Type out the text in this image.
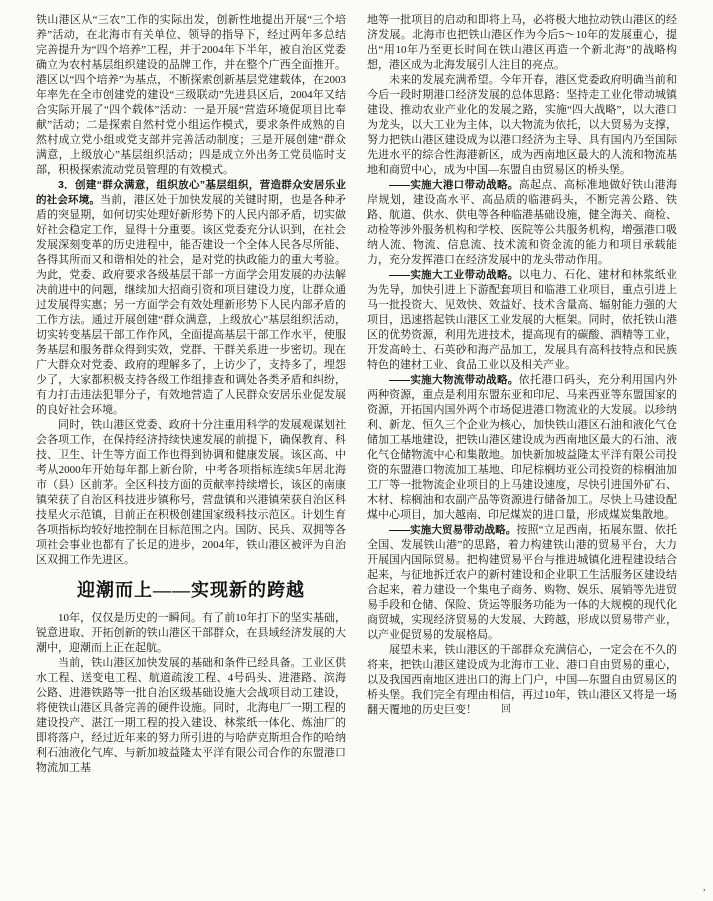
铁山港区从“三农”工作的实际出发，创新性地提出开展“三个培养”活动，在北海市有关单位、领导的指导下，经过两年多总结完善提升为“四个培养”工程，并于2004年下半年，被自治区党委确立为农村基层组织建设的品牌工作，并在整个广西全面推开。港区以“四个培养”为基点，不断探索创新基层党建载体，在2003年率先在全市创建党的建设“三级联动”先进县区后，2004年又结合实际开展了“四个载体”活动：一是开展“营造环境促项目比奉献”活动；二是探索自然村党小组运作模式，要求条件成熟的自然村成立党小组或党支部并完善活动制度；三是开展创建“群众满意，上级放心”基层组织活动；四是成立外出务工党员临时支部，积极探索流动党员管理的有效模式。

3．创建“群众满意，组织放心”基层组织，营造群众安居乐业的社会环境。当前，港区处于加快发展的关键时期，也是各种矛盾的突显期，如何切实处理好新形势下的人民内部矛盾，切实做好社会稳定工作，显得十分重要。该区党委充分认识到，在社会发展深刻变革的历史进程中，能否建设一个全体人民各尽所能、各得其所而又和谐相处的社会，是对党的执政能力的重大考验。为此，党委、政府要求各级基层干部一方面学会用发展的办法解决前进中的问题，继续加大招商引资和项目建设力度，让群众通过发展得实惠；另一方面学会有效处理新形势下人民内部矛盾的工作方法。通过开展创建“群众满意，上级放心”基层组织活动，切实转变基层干部工作作风，全面提高基层干部工作水平，使服务基层和服务群众得到实效，党群、干群关系进一步密切。现在广大群众对党委、政府的理解多了，上访少了，支持多了，埋怨少了，大家都积极支持各级工作组排查和调处各类矛盾和纠纷，有力打击违法犯罪分子，有效地营造了人民群众安居乐业促发展的良好社会环境。

同时，铁山港区党委、政府十分注重用科学的发展观谋划社会各项工作，在保持经济持续快速发展的前提下，确保教育、科技、卫生、计生等方面工作也得到协调和健康发展。该区高、中考从2000年开始每年都上新台阶，中考各项指标连续5年居北海市（县）区前茅。全区科技方面的贡献率持续增长，该区的南康镇荣获了自治区科技进步镇称号，营盘镇和兴港镇荣获自治区科技星火示范镇，目前正在积极创建国家级科技示范区。计划生育各项指标均较好地控制在目标范围之内。国防、民兵、双拥等各项社会事业也都有了长足的进步，2004年，铁山港区被评为自治区双拥工作先进区。

迎潮而上——实现新的跨越

10年，仅仅是历史的一瞬间。有了前10年打下的坚实基础，锐意进取、开拓创新的铁山港区干部群众，在县域经济发展的大潮中，迎潮而上正在起航。

当前，铁山港区加快发展的基础和条件已经具备。工业区供水工程、送变电工程、航道疏浚工程、4号码头、进港路、滨海公路、进港铁路等一批自治区级基础设施大会战项目动工建设，将使铁山港区具备完善的硬件设施。同时，北海电厂一期工程的建设投产、湛江一期工程的投入建设、林浆纸一体化、炼油厂的即将落户，经过近年来的努力所引进的与哈萨克斯坦合作的哈纳利石油液化气库、与新加坡益隆太平洋有限公司合作的东盟港口物流加工基

地等一批项目的启动和即将上马，必将极大地拉动铁山港区的经济发展。北海市也把铁山港区作为今后5～10年的发展重心，提出“用10年乃至更长时间在铁山港区再造一个新北海”的战略构想，港区成为北海发展引人注目的亮点。

未来的发展充满希望。今年开春，港区党委政府明确当前和今后一段时期港口经济发展的总体思路：坚持走工业化带动城镇建设、推动农业产业化的发展之路，实施“四大战略”，以大港口为龙头，以大工业为主体，以大物流为依托，以大贸易为支撑，努力把铁山港区建设成为以港口经济为主导、具有国内乃至国际先进水平的综合性海港新区，成为西南地区最大的人流和物流基地和商贸中心，成为中国—东盟自由贸易区的桥头堡。

——实施大港口带动战略。高起点、高标准地做好铁山港海岸规划，建设高水平、高品质的临港码头，不断完善公路、铁路、航道、供水、供电等各种临港基础设施，健全海关、商检、动检等涉外服务机构和学校、医院等公共服务机构，增强港口吸纳人流、物流、信息流、技术流和资金流的能力和项目承载能力，充分发挥港口在经济发展中的龙头带动作用。

——实施大工业带动战略。以电力、石化、建材和林浆纸业为先导，加快引进上下游配套项目和临港工业项目，重点引进上马一批投资大、见效快、效益好、技术含量高、辐射能力强的大项目，迅速搭起铁山港区工业发展的大框架。同时，依托铁山港区的优势资源，利用先进技术，提高现有的碳酸、酒精等工业，开发高岭土、石英砂和海产品加工，发展具有高科技特点和民族特色的建材工业、食品工业以及相关产业。

——实施大物流带动战略。依托港口码头，充分利用国内外两种资源，重点是利用东盟东亚和印尼、马来西亚等东盟国家的资源，开拓国内国外两个市场促进港口物流业的大发展。以珍纳利、新龙、恒久三个企业为核心，加快铁山港区石油和液化气仓储加工基地建设，把铁山港区建设成为西南地区最大的石油、液化气仓储物流中心和集散地。加快新加坡益隆太平洋有限公司投资的东盟港口物流加工基地、印尼棕榈坊亚公司投资的棕榈油加工厂等一批物流企业项目的上马建设速度，尽快引进国外矿石、木材、棕榈油和农副产品等资源进行储备加工。尽快上马建设配煤中心项目，加大越南、印尼煤炭的进口量，形成煤炭集散地。

——实施大贸易带动战略。按照“立足西南，拓展东盟、依托全国、发展铁山港”的思路，着力构建铁山港的贸易平台，大力开展国内国际贸易。把构建贸易平台与推进城镇化进程建设结合起来，与征地拆迁农户的新村建设和企业职工生活服务区建设结合起来，着力建设一个集电子商务、购物、娱乐、展销等先进贸易手段和仓储、保险、货运等服务功能为一体的大规模的现代化商贸城，实现经济贸易的大发展、大跨越，形成以贸易带产业，以产业促贸易的发展格局。

展望未来，铁山港区的干部群众充满信心，一定会在不久的将来，把铁山港区建设成为北海市工业、港口自由贸易的重心，以及我国西南地区进出口的海上门户，中国—东盟自由贸易区的桥头堡。我们完全有理由相信，再过10年，铁山港区又将是一场翻天覆地的历史巨变！ 回

’
